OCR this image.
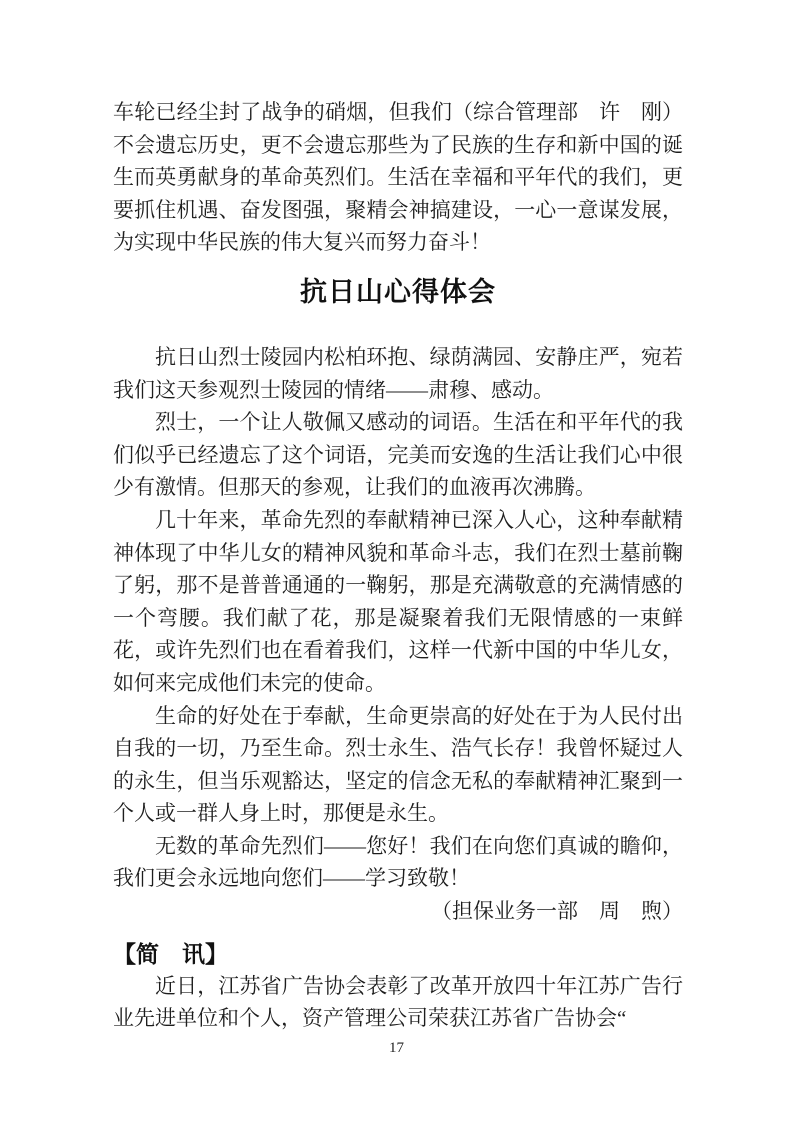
（综合管理部　许　刚）
车轮已经尘封了战争的硝烟，但我们不会遗忘历史，更不会遗忘那些为了民族的生存和新中国的诞生而英勇献身的革命英烈们。生活在幸福和平年代的我们，更要抓住机遇、奋发图强，聚精会神搞建设，一心一意谋发展，为实现中华民族的伟大复兴而努力奋斗！

抗日山心得体会

抗日山烈士陵园内松柏环抱、绿荫满园、安静庄严，宛若我们这天参观烈士陵园的情绪——肃穆、感动。

烈士，一个让人敬佩又感动的词语。生活在和平年代的我们似乎已经遗忘了这个词语，完美而安逸的生活让我们心中很少有激情。但那天的参观，让我们的血液再次沸腾。

几十年来，革命先烈的奉献精神已深入人心，这种奉献精神体现了中华儿女的精神风貌和革命斗志，我们在烈士墓前鞠了躬，那不是普普通通的一鞠躬，那是充满敬意的充满情感的一个弯腰。我们献了花，那是凝聚着我们无限情感的一束鲜花，或许先烈们也在看着我们，这样一代新中国的中华儿女，如何来完成他们未完的使命。

生命的好处在于奉献，生命更崇高的好处在于为人民付出自我的一切，乃至生命。烈士永生、浩气长存！我曾怀疑过人的永生，但当乐观豁达，坚定的信念无私的奉献精神汇聚到一个人或一群人身上时，那便是永生。

无数的革命先烈们——您好！我们在向您们真诚的瞻仰，我们更会永远地向您们——学习致敬！

（担保业务一部　周　煦）

【简　讯】

近日，江苏省广告协会表彰了改革开放四十年江苏广告行业先进单位和个人，资产管理公司荣获江苏省广告协会“

17
